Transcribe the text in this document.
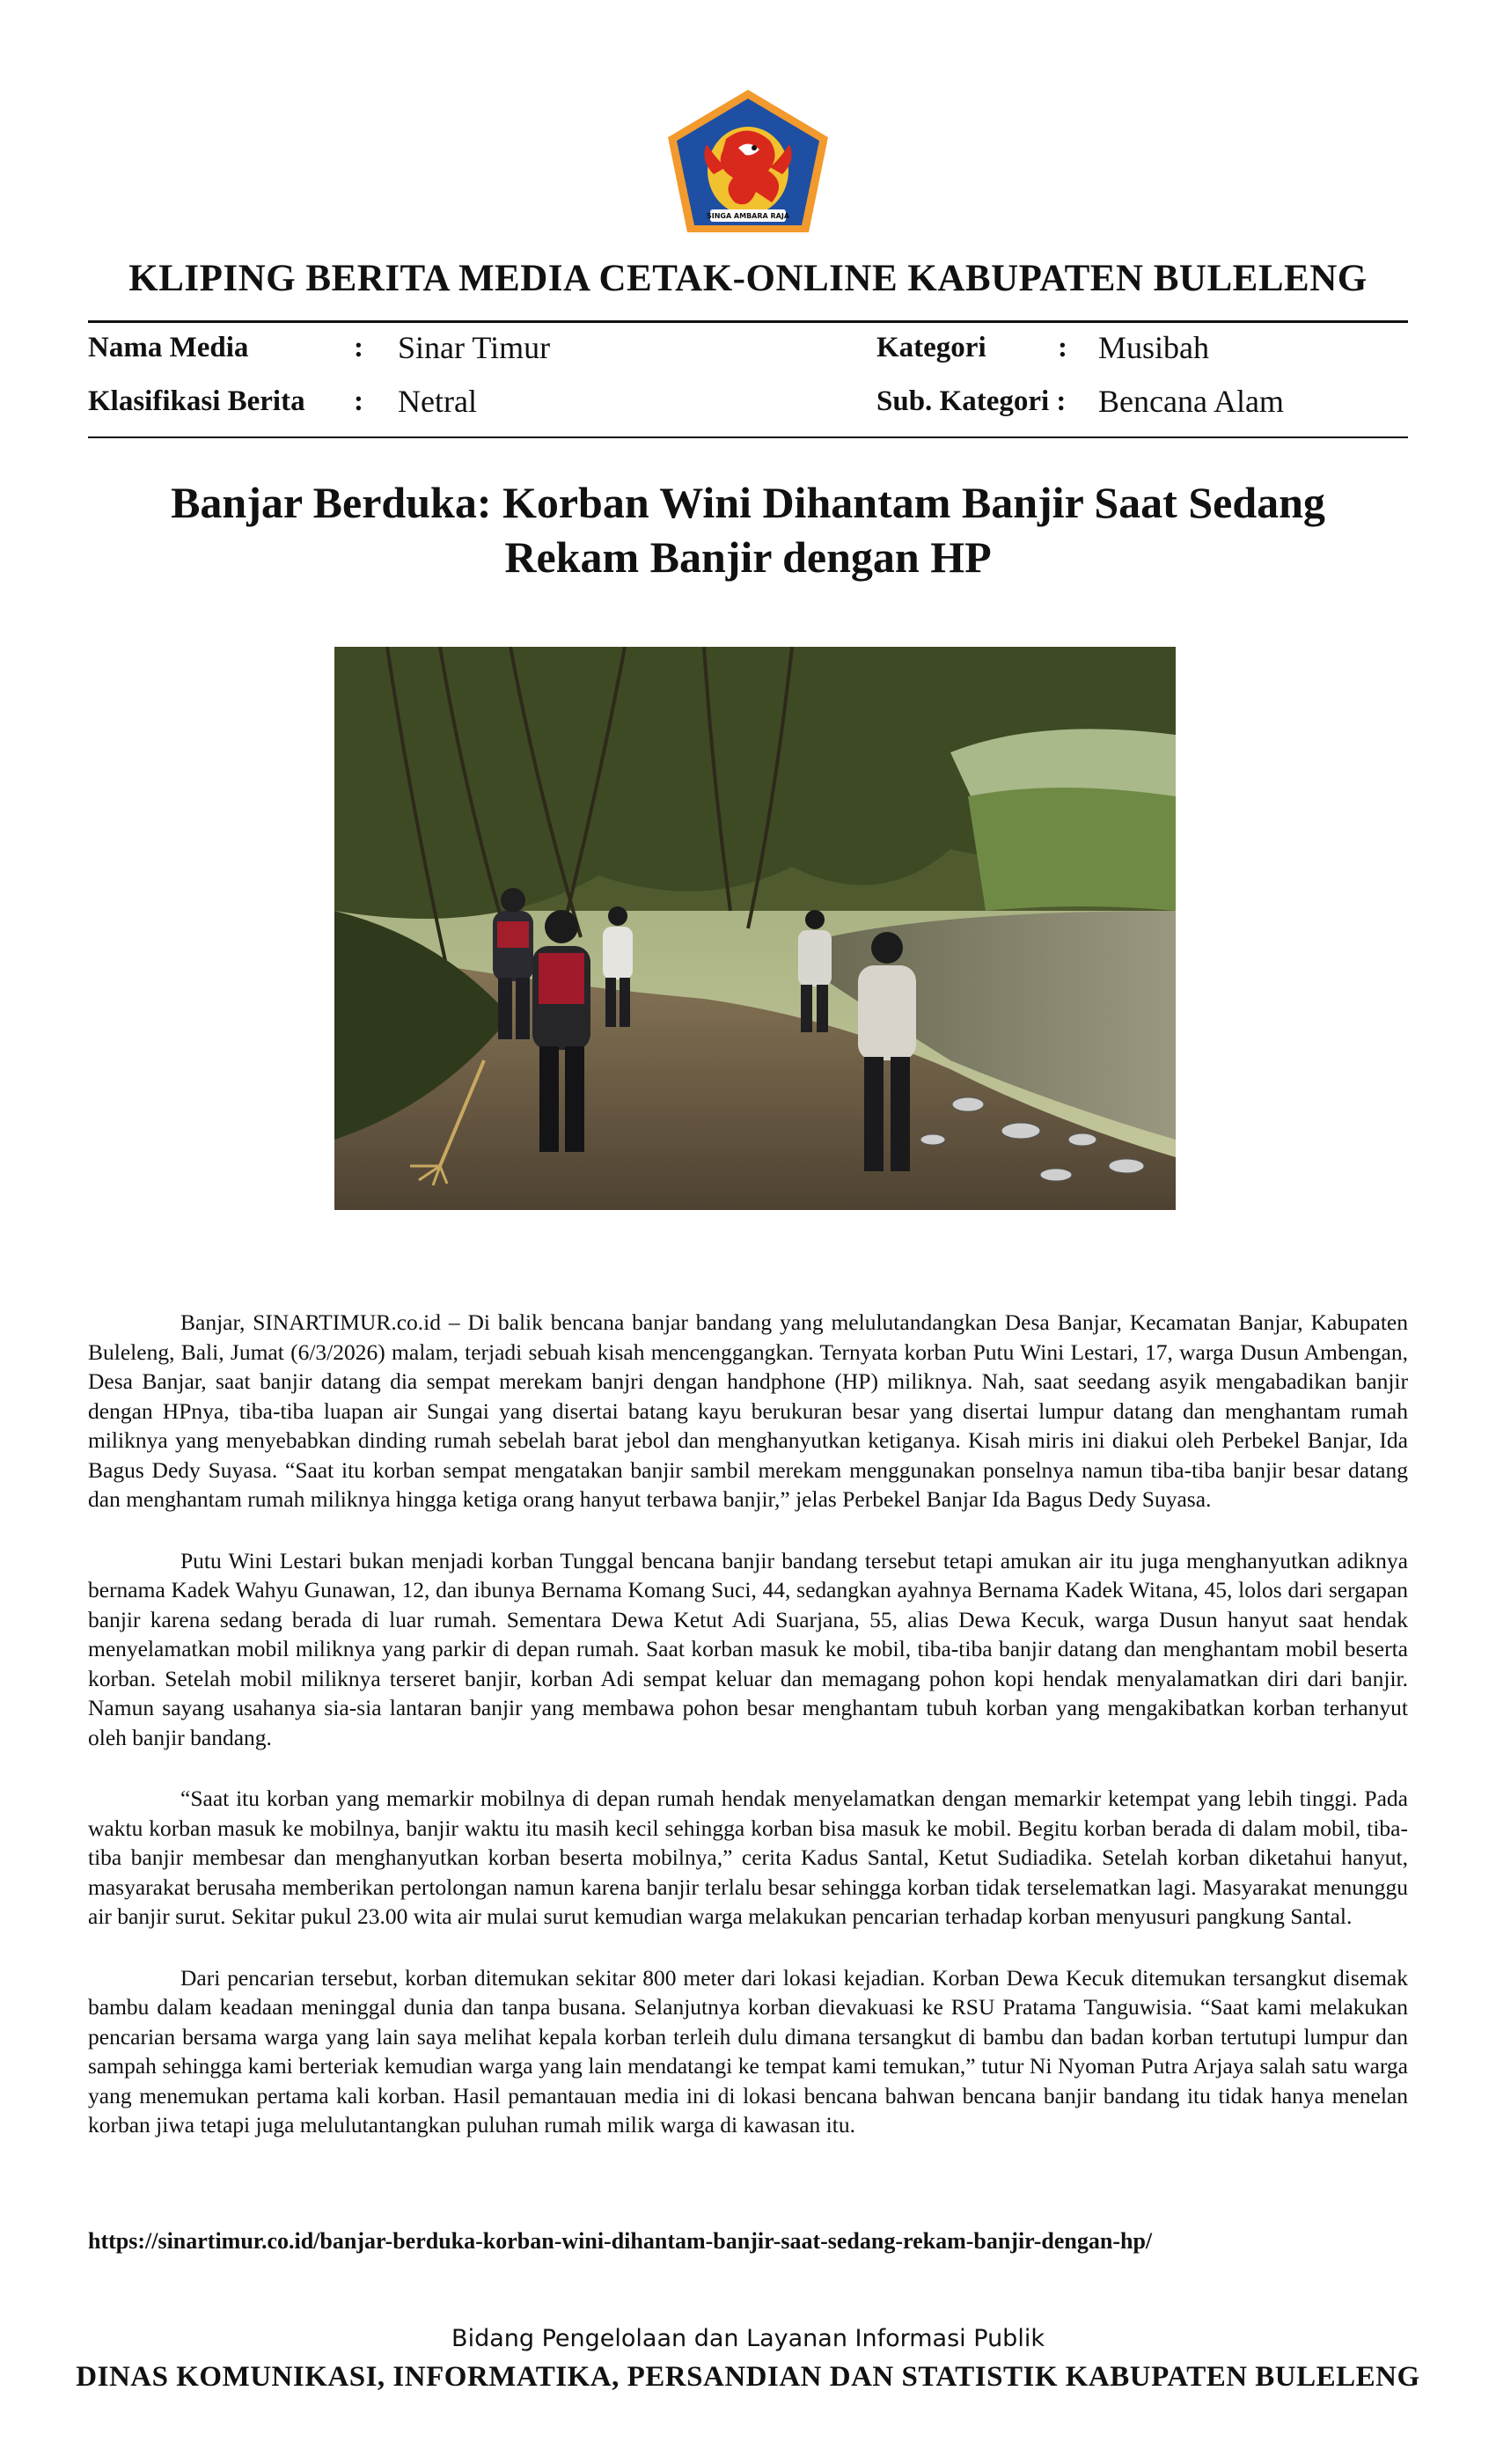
SINGA AMBARA RAJA
KLIPING BERITA MEDIA CETAK-ONLINE KABUPATEN BULELENG
Nama Media	: Sinar Timur
Klasifikasi Berita : Netral
Kategori : Musibah
Sub. Kategori : Bencana Alam
Banjar Berduka: Korban Wini Dihantam Banjir Saat Sedang
Rekam Banjir dengan HP

Banjar, SINARTIMUR.co.id – Di balik bencana banjar bandang yang melulutandangkan Desa Banjar, Kecamatan Banjar, Kabupaten Buleleng, Bali, Jumat (6/3/2026) malam, terjadi sebuah kisah mencenggangkan. Ternyata korban Putu Wini Lestari, 17, warga Dusun Ambengan, Desa Banjar, saat banjir datang dia sempat merekam banjri dengan handphone (HP) miliknya. Nah, saat seedang asyik mengabadikan banjir dengan HPnya, tiba-tiba luapan air Sungai yang disertai batang kayu berukuran besar yang disertai lumpur datang dan menghantam rumah miliknya yang menyebabkan dinding rumah sebelah barat jebol dan menghanyutkan ketiganya. Kisah miris ini diakui oleh Perbekel Banjar, Ida Bagus Dedy Suyasa. “Saat itu korban sempat mengatakan banjir sambil merekam menggunakan ponselnya namun tiba-tiba banjir besar datang dan menghantam rumah miliknya hingga ketiga orang hanyut terbawa banjir,” jelas Perbekel Banjar Ida Bagus Dedy Suyasa.

Putu Wini Lestari bukan menjadi korban Tunggal bencana banjir bandang tersebut tetapi amukan air itu juga menghanyutkan adiknya bernama Kadek Wahyu Gunawan, 12, dan ibunya Bernama Komang Suci, 44, sedangkan ayahnya Bernama Kadek Witana, 45, lolos dari sergapan banjir karena sedang berada di luar rumah. Sementara Dewa Ketut Adi Suarjana, 55, alias Dewa Kecuk, warga Dusun hanyut saat hendak menyelamatkan mobil miliknya yang parkir di depan rumah. Saat korban masuk ke mobil, tiba-tiba banjir datang dan menghantam mobil beserta korban. Setelah mobil miliknya terseret banjir, korban Adi sempat keluar dan memagang pohon kopi hendak menyalamatkan diri dari banjir. Namun sayang usahanya sia-sia lantaran banjir yang membawa pohon besar menghantam tubuh korban yang mengakibatkan korban terhanyut oleh banjir bandang.

“Saat itu korban yang memarkir mobilnya di depan rumah hendak menyelamatkan dengan memarkir ketempat yang lebih tinggi. Pada waktu korban masuk ke mobilnya, banjir waktu itu masih kecil sehingga korban bisa masuk ke mobil. Begitu korban berada di dalam mobil, tiba-tiba banjir membesar dan menghanyutkan korban beserta mobilnya,” cerita Kadus Santal, Ketut Sudiadika. Setelah korban diketahui hanyut, masyarakat berusaha memberikan pertolongan namun karena banjir terlalu besar sehingga korban tidak terselematkan lagi. Masyarakat menunggu air banjir surut. Sekitar pukul 23.00 wita air mulai surut kemudian warga melakukan pencarian terhadap korban menyusuri pangkung Santal.

Dari pencarian tersebut, korban ditemukan sekitar 800 meter dari lokasi kejadian. Korban Dewa Kecuk ditemukan tersangkut disemak bambu dalam keadaan meninggal dunia dan tanpa busana. Selanjutnya korban dievakuasi ke RSU Pratama Tanguwisia. “Saat kami melakukan pencarian bersama warga yang lain saya melihat kepala korban terleih dulu dimana tersangkut di bambu dan badan korban tertutupi lumpur dan sampah sehingga kami berteriak kemudian warga yang lain mendatangi ke tempat kami temukan,” tutur Ni Nyoman Putra Arjaya salah satu warga yang menemukan pertama kali korban. Hasil pemantauan media ini di lokasi bencana bahwan bencana banjir bandang itu tidak hanya menelan korban jiwa tetapi juga melulutantangkan puluhan rumah milik warga di kawasan itu.

https://sinartimur.co.id/banjar-berduka-korban-wini-dihantam-banjir-saat-sedang-rekam-banjir-dengan-hp/
Bidang Pengelolaan dan Layanan Informasi Publik
DINAS KOMUNIKASI, INFORMATIKA, PERSANDIAN DAN STATISTIK KABUPATEN BULELENG
